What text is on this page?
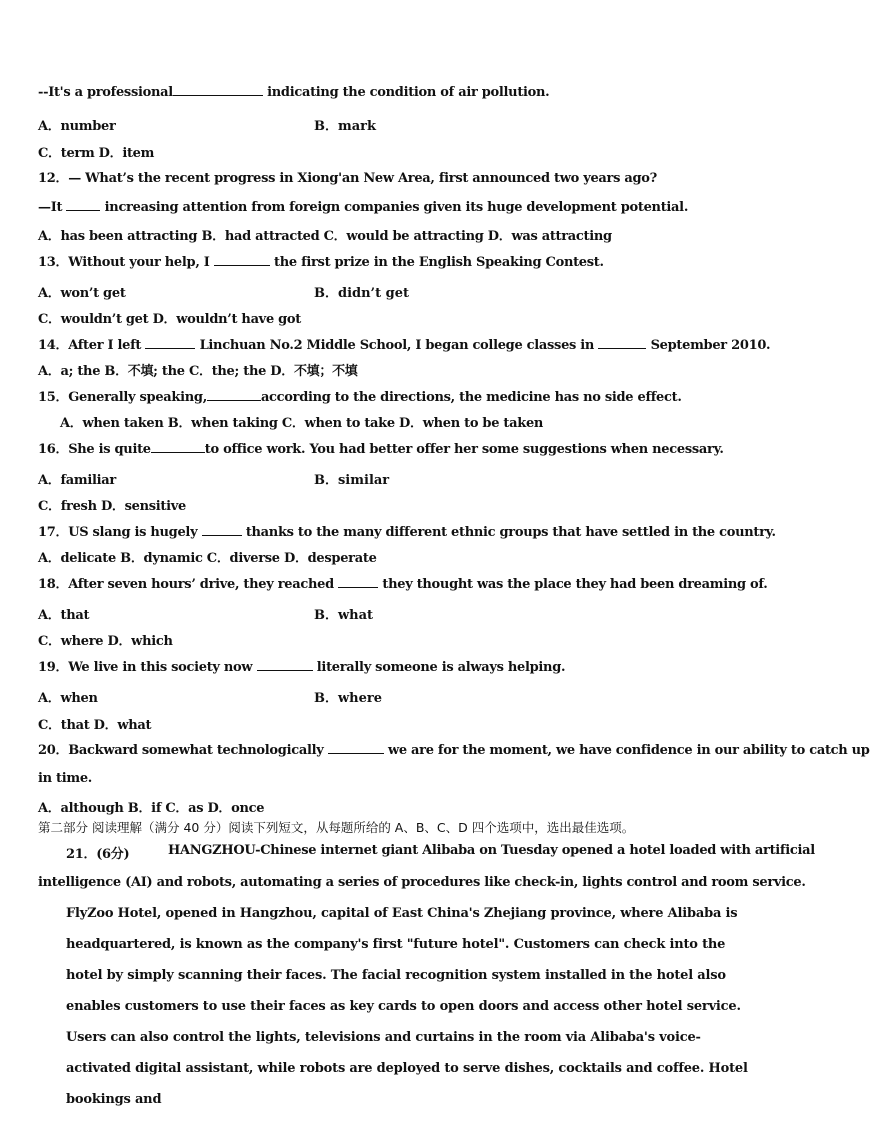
--It's a professional	indicating the condition of air pollution.
A．number	B．mark
C．term D．item
12．— What’s the recent progress in Xiong'an New Area, first announced two years ago?
—It	increasing attention from foreign companies given its huge development potential.
A．has been attracting B．had attracted C．would be attracting D．was attracting
13．Without your help, I	the first prize in the English Speaking Contest.
A．won’t get	B．didn’t get
C．wouldn’t get D．wouldn’t have got
14．After I left	Linchuan No.2 Middle School, I began college classes in	September 2010.
A．a; the B．不填; the C．the; the D．不填；不填
15．Generally speaking,	according to the directions, the medicine has no side effect.
A．when taken B．when taking C．when to take D．when to be taken
16．She is quite	to office work. You had better offer her some suggestions when necessary.
A．familiar	B．similar
C．fresh D．sensitive
17．US slang is hugely	thanks to the many different ethnic groups that have settled in the country.
A．delicate B．dynamic C．diverse D．desperate
18．After seven hours’ drive, they reached	they thought was the place they had been dreaming of.
A．that	B．what
C．where D．which
19．We live in this society now	literally someone is always helping.
A．when	B．where
C．that D．what
20．Backward somewhat technologically	we are for the moment, we have confidence in our ability to catch up
in time.
A．although B．if C．as D．once
第二部分 阅读理解（满分 40 分）阅读下列短文，从每题所给的 A、B、C、D 四个选项中，选出最佳选项。
21．(6分)	HANGZHOU-Chinese internet giant Alibaba on Tuesday opened a hotel loaded with artificial
intelligence (AI) and robots, automating a series of procedures like check-in, lights control and room service.
FlyZoo Hotel, opened in Hangzhou, capital of East China's Zhejiang province, where Alibaba is headquartered, is known as the company's first "future hotel". Customers can check into the hotel by simply scanning their faces. The facial recognition system installed in the hotel also enables customers to use their faces as key cards to open doors and access other hotel service. Users can also control the lights, televisions and curtains in the room via Alibaba's voice-activated digital assistant, while robots are deployed to serve dishes, cocktails and coffee. Hotel bookings and
